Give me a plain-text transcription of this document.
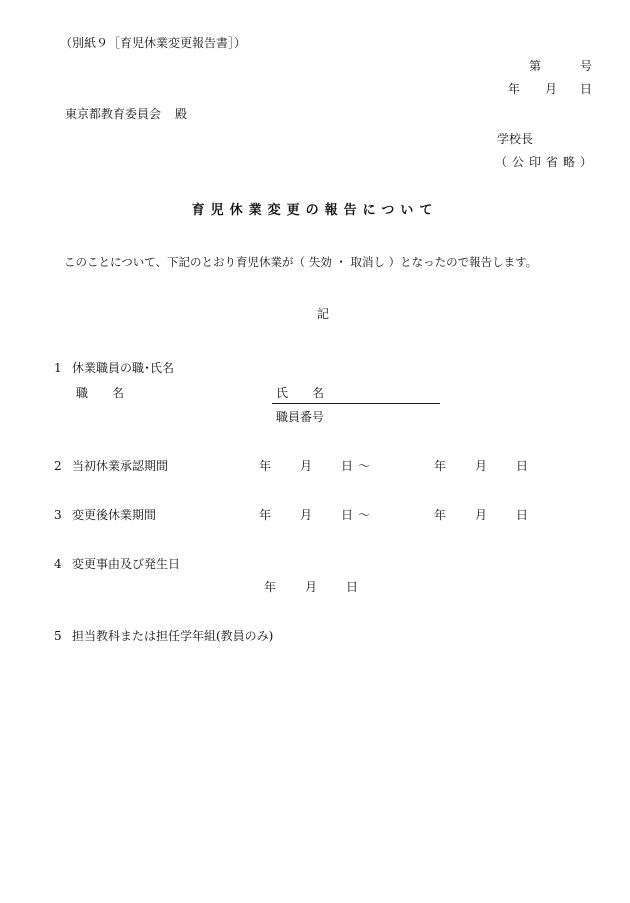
（別紙９［育児休業変更報告書］）
第	号
年 月 日
東京都教育委員会 殿
学校長
（公印省略）
育児休業変更の報告について
このことについて、下記のとおり育児休業が（ 失効 ・ 取消し ）となったので報告します。
記
1 休業職員の職･氏名
職　　名	氏　　名
職員番号
2 当初休業承認期間	年 月 日 ～	年 月 日
3 変更後休業期間	年 月 日 ～	年 月 日
4 変更事由及び発生日
年 月 日
5 担当教科または担任学年組(教員のみ)
